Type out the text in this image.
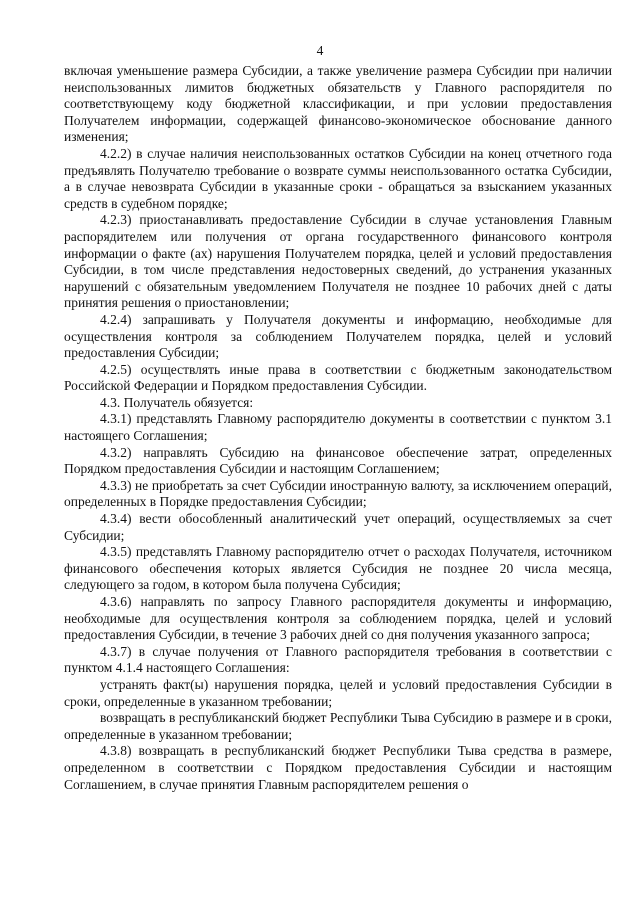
4

включая уменьшение размера Субсидии, а также увеличение размера Субсидии при наличии неиспользованных лимитов бюджетных обязательств у Главного распорядителя по соответствующему коду бюджетной классификации, и при условии предоставления Получателем информации, содержащей финансово-экономическое обоснование данного изменения;

4.2.2) в случае наличия неиспользованных остатков Субсидии на конец отчетного года предъявлять Получателю требование о возврате суммы неиспользованного остатка Субсидии, а в случае невозврата Субсидии в указанные сроки - обращаться за взысканием указанных средств в судебном порядке;

4.2.3) приостанавливать предоставление Субсидии в случае установления Главным распорядителем или получения от органа государственного финансового контроля информации о факте (ах) нарушения Получателем порядка, целей и условий предоставления Субсидии, в том числе представления недостоверных сведений, до устранения указанных нарушений с обязательным уведомлением Получателя не позднее 10 рабочих дней с даты принятия решения о приостановлении;

4.2.4) запрашивать у Получателя документы и информацию, необходимые для осуществления контроля за соблюдением Получателем порядка, целей и условий предоставления Субсидии;

4.2.5) осуществлять иные права в соответствии с бюджетным законодательством Российской Федерации и Порядком предоставления Субсидии.

4.3. Получатель обязуется:

4.3.1) представлять Главному распорядителю документы в соответствии с пунктом 3.1 настоящего Соглашения;

4.3.2) направлять Субсидию на финансовое обеспечение затрат, определенных Порядком предоставления Субсидии и настоящим Соглашением;

4.3.3) не приобретать за счет Субсидии иностранную валюту, за исключением операций, определенных в Порядке предоставления Субсидии;

4.3.4) вести обособленный аналитический учет операций, осуществляемых за счет Субсидии;

4.3.5) представлять Главному распорядителю отчет о расходах Получателя, источником финансового обеспечения которых является Субсидия не позднее 20 числа месяца, следующего за годом, в котором была получена Субсидия;

4.3.6) направлять по запросу Главного распорядителя документы и информацию, необходимые для осуществления контроля за соблюдением порядка, целей и условий предоставления Субсидии, в течение 3 рабочих дней со дня получения указанного запроса;

4.3.7) в случае получения от Главного распорядителя требования в соответствии с пунктом 4.1.4 настоящего Соглашения:

устранять факт(ы) нарушения порядка, целей и условий предоставления Субсидии в сроки, определенные в указанном требовании;

возвращать в республиканский бюджет Республики Тыва Субсидию в размере и в сроки, определенные в указанном требовании;

4.3.8) возвращать в республиканский бюджет Республики Тыва средства в размере, определенном в соответствии с Порядком предоставления Субсидии и настоящим Соглашением, в случае принятия Главным распорядителем решения о
